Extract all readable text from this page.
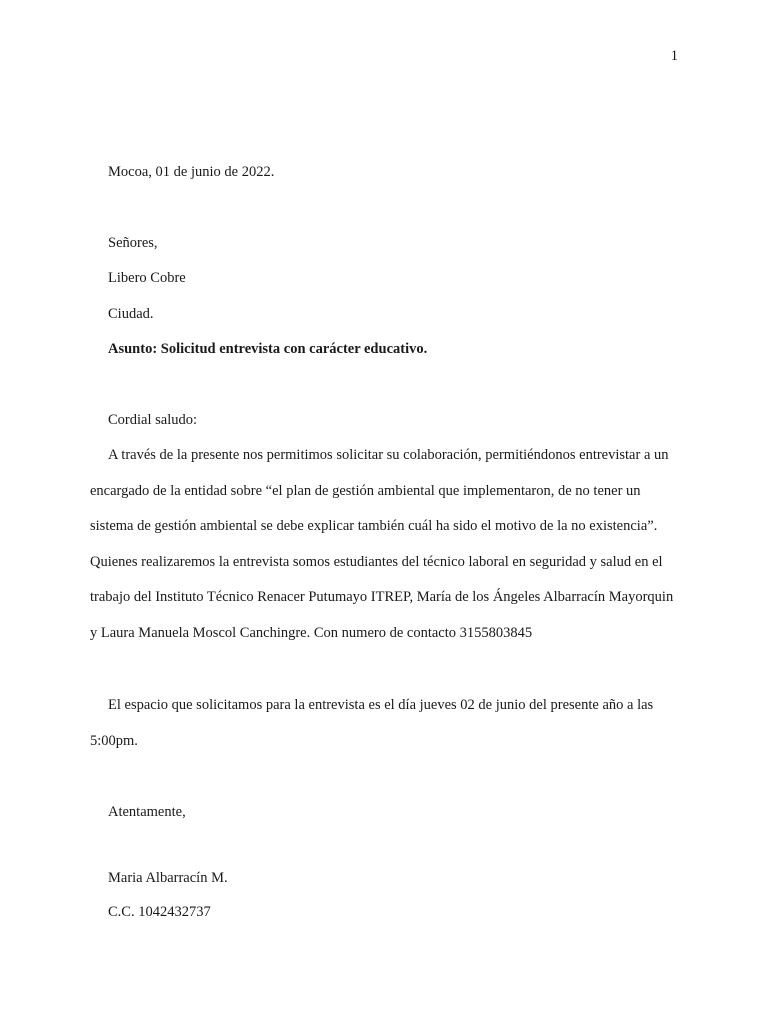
1
Mocoa, 01 de junio de 2022.
Señores,
Libero Cobre
Ciudad.
Asunto: Solicitud entrevista con carácter educativo.
Cordial saludo:

A través de la presente nos permitimos solicitar su colaboración, permitiéndonos entrevistar a un encargado de la entidad sobre “el plan de gestión ambiental que implementaron, de no tener un sistema de gestión ambiental se debe explicar también cuál ha sido el motivo de la no existencia”. Quienes realizaremos la entrevista somos estudiantes del técnico laboral en seguridad y salud en el trabajo del Instituto Técnico Renacer Putumayo ITREP, María de los Ángeles Albarracín Mayorquin y Laura Manuela Moscol Canchingre. Con numero de contacto 3155803845

El espacio que solicitamos para la entrevista es el día jueves 02 de junio del presente año a las 5:00pm.

Atentamente,
Maria Albarracín M.
C.C. 1042432737
